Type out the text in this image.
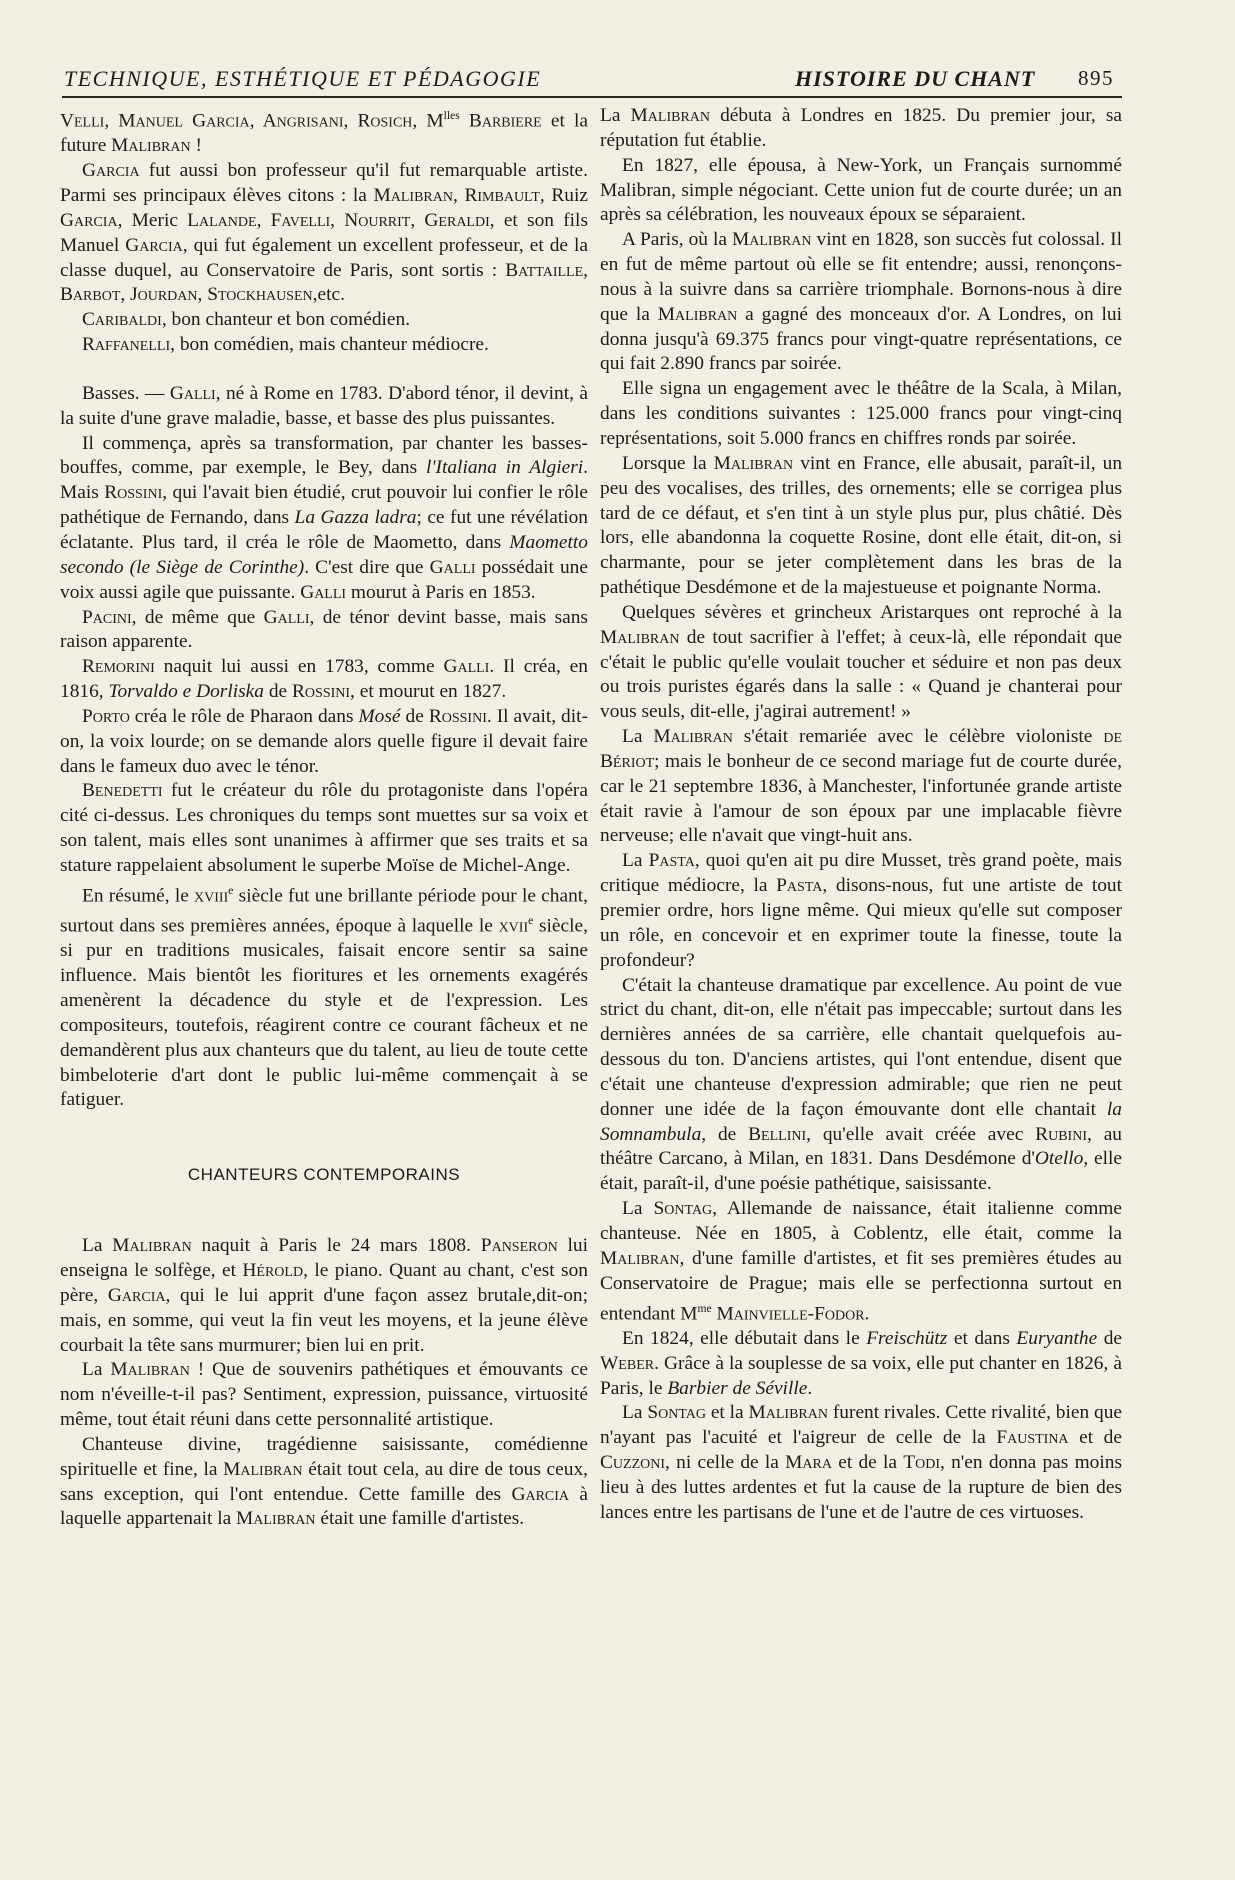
TECHNIQUE, ESTHÉTIQUE ET PÉDAGOGIE	HISTOIRE DU CHANT 895

Velli, Manuel Garcia, Angrisani, Rosich, $M^{lles}$ Barbiere et la future Malibran !

Garcia fut aussi bon professeur qu'il fut remarquable artiste. Parmi ses principaux élèves citons : la Malibran, Rimbault, Ruiz Garcia, Meric Lalande, Favelli, Nourrit, Geraldi, et son fils Manuel Garcia, qui fut également un excellent professeur, et de la classe duquel, au Conservatoire de Paris, sont sortis : Battaille, Barbot, Jourdan, Stockhausen,etc.

Caribaldi, bon chanteur et bon comédien.

Raffanelli, bon comédien, mais chanteur médiocre.

Basses. — Galli, né à Rome en 1783. D'abord ténor, il devint, à la suite d'une grave maladie, basse, et basse des plus puissantes.

Il commença, après sa transformation, par chanter les basses-bouffes, comme, par exemple, le Bey, dans l'Italiana in Algieri. Mais Rossini, qui l'avait bien étudié, crut pouvoir lui confier le rôle pathétique de Fernando, dans La Gazza ladra; ce fut une révélation éclatante. Plus tard, il créa le rôle de Maometto, dans Maometto secondo (le Siège de Corinthe). C'est dire que Galli possédait une voix aussi agile que puissante. Galli mourut à Paris en 1853.

Pacini, de même que Galli, de ténor devint basse, mais sans raison apparente.

Remorini naquit lui aussi en 1783, comme Galli. Il créa, en 1816, Torvaldo e Dorliska de Rossini, et mourut en 1827.

Porto créa le rôle de Pharaon dans Mosé de Rossini. Il avait, dit-on, la voix lourde; on se demande alors quelle figure il devait faire dans le fameux duo avec le ténor.

Benedetti fut le créateur du rôle du protagoniste dans l'opéra cité ci-dessus. Les chroniques du temps sont muettes sur sa voix et son talent, mais elles sont unanimes à affirmer que ses traits et sa stature rappelaient absolument le superbe Moïse de Michel-Ange.

En résumé, le xviii$^e$ siècle fut une brillante période pour le chant, surtout dans ses premières années, époque à laquelle le xvii$^e$ siècle, si pur en traditions musicales, faisait encore sentir sa saine influence. Mais bientôt les fioritures et les ornements exagérés amenèrent la décadence du style et de l'expression. Les compositeurs, toutefois, réagirent contre ce courant fâcheux et ne demandèrent plus aux chanteurs que du talent, au lieu de toute cette bimbeloterie d'art dont le public lui-même commençait à se fatiguer.

CHANTEURS CONTEMPORAINS

La Malibran naquit à Paris le 24 mars 1808. Panseron lui enseigna le solfège, et Hérold, le piano. Quant au chant, c'est son père, Garcia, qui le lui apprit d'une façon assez brutale,dit-on; mais, en somme, qui veut la fin veut les moyens, et la jeune élève courbait la tête sans murmurer; bien lui en prit.

La Malibran ! Que de souvenirs pathétiques et émouvants ce nom n'éveille-t-il pas? Sentiment, expression, puissance, virtuosité même, tout était réuni dans cette personnalité artistique.

Chanteuse divine, tragédienne saisissante, comédienne spirituelle et fine, la Malibran était tout cela, au dire de tous ceux, sans exception, qui l'ont entendue. Cette famille des Garcia à laquelle appartenait la Malibran était une famille d'artistes.

La Malibran débuta à Londres en 1825. Du premier jour, sa réputation fut établie.

En 1827, elle épousa, à New-York, un Français surnommé Malibran, simple négociant. Cette union fut de courte durée; un an après sa célébration, les nouveaux époux se séparaient.

A Paris, où la Malibran vint en 1828, son succès fut colossal. Il en fut de même partout où elle se fit entendre; aussi, renonçons-nous à la suivre dans sa carrière triomphale. Bornons-nous à dire que la Malibran a gagné des monceaux d'or. A Londres, on lui donna jusqu'à 69.375 francs pour vingt-quatre représentations, ce qui fait 2.890 francs par soirée.

Elle signa un engagement avec le théâtre de la Scala, à Milan, dans les conditions suivantes : 125.000 francs pour vingt-cinq représentations, soit 5.000 francs en chiffres ronds par soirée.

Lorsque la Malibran vint en France, elle abusait, paraît-il, un peu des vocalises, des trilles, des ornements; elle se corrigea plus tard de ce défaut, et s'en tint à un style plus pur, plus châtié. Dès lors, elle abandonna la coquette Rosine, dont elle était, dit-on, si charmante, pour se jeter complètement dans les bras de la pathétique Desdémone et de la majestueuse et poignante Norma.

Quelques sévères et grincheux Aristarques ont reproché à la Malibran de tout sacrifier à l'effet; à ceux-là, elle répondait que c'était le public qu'elle voulait toucher et séduire et non pas deux ou trois puristes égarés dans la salle : « Quand je chanterai pour vous seuls, dit-elle, j'agirai autrement! »

La Malibran s'était remariée avec le célèbre violoniste de Bériot; mais le bonheur de ce second mariage fut de courte durée, car le 21 septembre 1836, à Manchester, l'infortunée grande artiste était ravie à l'amour de son époux par une implacable fièvre nerveuse; elle n'avait que vingt-huit ans.

La Pasta, quoi qu'en ait pu dire Musset, très grand poète, mais critique médiocre, la Pasta, disons-nous, fut une artiste de tout premier ordre, hors ligne même. Qui mieux qu'elle sut composer un rôle, en concevoir et en exprimer toute la finesse, toute la profondeur?

C'était la chanteuse dramatique par excellence. Au point de vue strict du chant, dit-on, elle n'était pas impeccable; surtout dans les dernières années de sa carrière, elle chantait quelquefois au-dessous du ton. D'anciens artistes, qui l'ont entendue, disent que c'était une chanteuse d'expression admirable; que rien ne peut donner une idée de la façon émouvante dont elle chantait la Somnambula, de Bellini, qu'elle avait créée avec Rubini, au théâtre Carcano, à Milan, en 1831. Dans Desdémone d'Otello, elle était, paraît-il, d'une poésie pathétique, saisissante.

La Sontag, Allemande de naissance, était italienne comme chanteuse. Née en 1805, à Coblentz, elle était, comme la Malibran, d'une famille d'artistes, et fit ses premières études au Conservatoire de Prague; mais elle se perfectionna surtout en entendant $M^{me}$ Mainvielle-Fodor.

En 1824, elle débutait dans le Freischütz et dans Euryanthe de Weber. Grâce à la souplesse de sa voix, elle put chanter en 1826, à Paris, le Barbier de Séville.

La Sontag et la Malibran furent rivales. Cette rivalité, bien que n'ayant pas l'acuité et l'aigreur de celle de la Faustina et de Cuzzoni, ni celle de la Mara et de la Todi, n'en donna pas moins lieu à des luttes ardentes et fut la cause de la rupture de bien des lances entre les partisans de l'une et de l'autre de ces virtuoses.
